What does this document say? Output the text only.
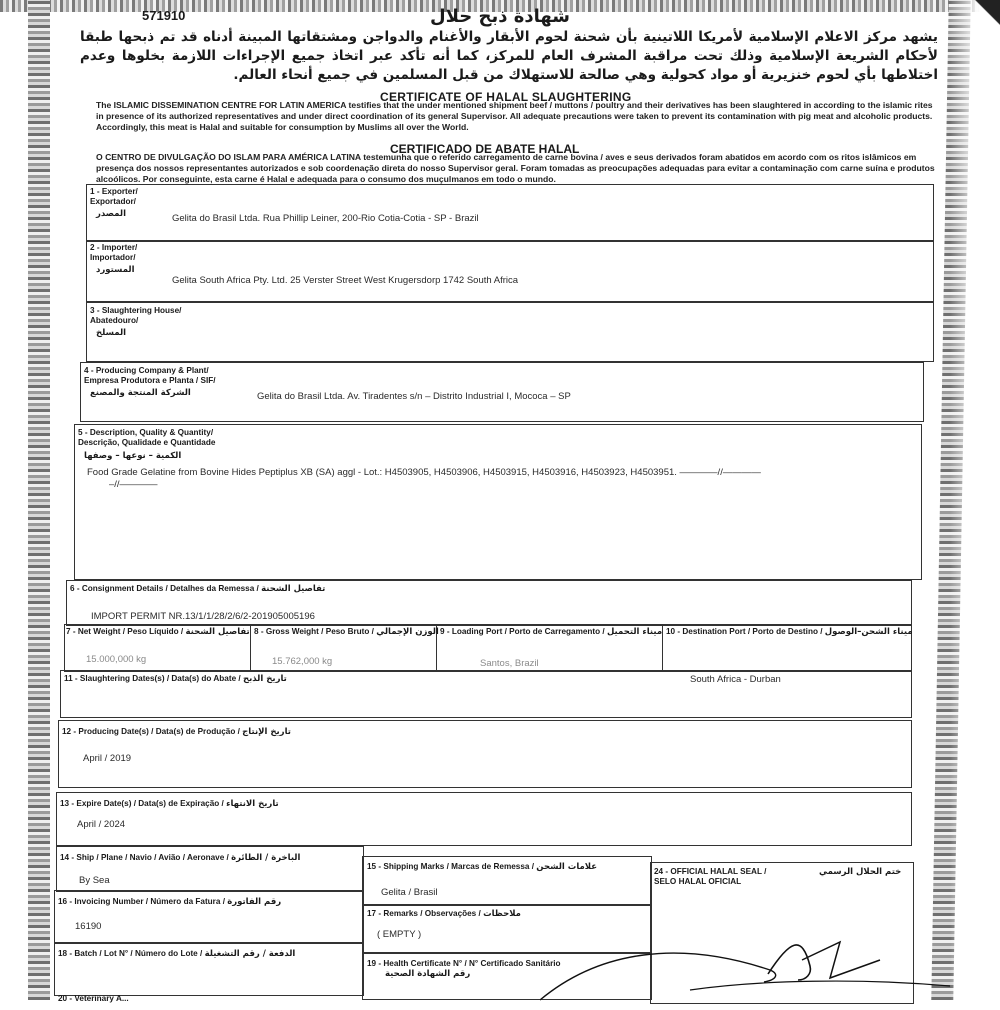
571910	شهادة ذبح حلال
يشهد مركز الاعلام الإسلامية لأمريكا اللاتينية بأن شحنة لحوم الأبقار والأغنام والدواجن ومشتقاتها المبينة أدناه قد تم ذبحها طبقا لأحكام الشريعة الإسلامية وذلك تحت مراقبة المشرف العام للمركز، كما أنه تأكد عبر اتخاذ جميع الإجراءات اللازمة بخلوها وعدم اختلاطها بأي لحوم خنزيرية أو مواد كحولية وهي صالحة للاستهلاك من قبل المسلمين في جميع أنحاء العالم.
CERTIFICATE OF HALAL SLAUGHTERING
The ISLAMIC DISSEMINATION CENTRE FOR LATIN AMERICA testifies that the under mentioned shipment beef / muttons / poultry and their derivatives has been slaughtered in according to the islamic rites in presence of its authorized representatives and under direct coordination of its general Supervisor. All adequate precautions were taken to prevent its contamination with pig meat and alcoholic products. Accordingly, this meat is Halal and suitable for consumption by Muslims all over the World.
CERTIFICADO DE ABATE HALAL
O CENTRO DE DIVULGAÇÃO DO ISLAM PARA AMÉRICA LATINA testemunha que o referido carregamento de carne bovina / aves e seus derivados foram abatidos em acordo com os ritos islâmicos em presença dos nossos representantes autorizados e sob coordenação direta do nosso Supervisor geral. Foram tomadas as preocupações adequadas para evitar a contaminação com carne suína e produtos alcoólicos. Por conseguinte, esta carne é Halal e adequada para o consumo dos muçulmanos em todo o mundo.
1 - Exporter/
Exportador/
المصدر	Gelita do Brasil Ltda. Rua Phillip Leiner, 200-Rio Cotia-Cotia - SP - Brazil
2 - Importer/
Importador/
المستورد
Gelita South Africa Pty. Ltd. 25 Verster Street West Krugersdorp 1742 South Africa
3 - Slaughtering House/
Abatedouro/
المسلخ
4 - Producing Company & Plant/
Empresa Produtora e Planta / SIF/
الشركة المنتجة والمصنع	Gelita do Brasil Ltda. Av. Tiradentes s/n – Distrito Industrial I, Mococa – SP
5 - Description, Quality & Quantity/
Descrição, Qualidade e Quantidade
الكمية – نوعها – وصفها
Food Grade Gelatine from Bovine Hides Peptiplus XB (SA) aggl - Lot.: H4503905, H4503906, H4503915, H4503916, H4503923, H4503951. ————//————
–//————
6 - Consignment Details / Detalhes da Remessa / تفاصيل الشحنة
IMPORT PERMIT NR.13/1/1/28/2/6/2-201905005196
7 - Net Weight / Peso Líquido / تفاصيل الشحنة
15.000,000 kg
8 - Gross Weight / Peso Bruto / الوزن الإجمالي
15.762,000 kg
9 - Loading Port / Porto de Carregamento / ميناء التحميل
Santos, Brazil
10 - Destination Port / Porto de Destino / ميناء الشحن–الوصول
South Africa - Durban
11 - Slaughtering Dates(s) / Data(s) do Abate / تاريخ الذبح
12 - Producing Date(s) / Data(s) de Produção / تاريخ الإنتاج
April / 2019
13 - Expire Date(s) / Data(s) de Expiração / تاريخ الانتهاء
April / 2024
14 - Ship / Plane / Navio / Avião / Aeronave / الباخرة / الطائرة
By Sea
15 - Shipping Marks / Marcas de Remessa / علامات الشحن
Gelita / Brasil
24 - OFFICIAL HALAL SEAL /
SELO HALAL OFICIAL
ختم الحلال الرسمي
16 - Invoicing Number / Número da Fatura / رقم الفاتورة
16190
17 - Remarks / Observações / ملاحظات
( EMPTY )
18 - Batch / Lot N° / Número do Lote / الدفعة / رقم التشغيلة
19 - Health Certificate N° / N° Certificado Sanitário
رقم الشهادة الصحية
20 - Veterinary A...
